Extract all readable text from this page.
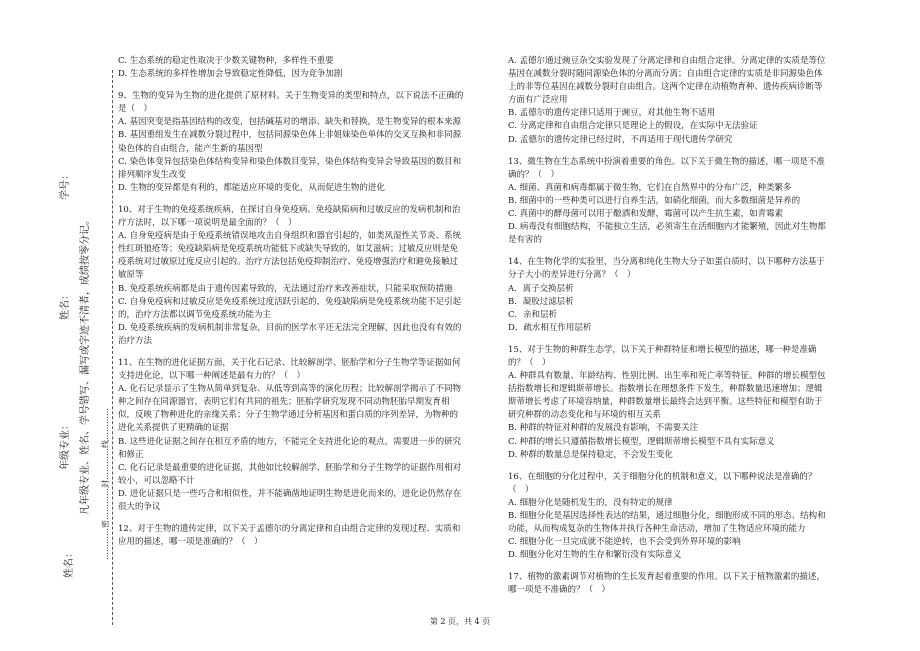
姓名：
年级专业：
姓名：
学号：
凡年级专业、姓名、学号错写、漏写或字迹不清者，成绩按零分记。 …………密…………封…………线…………

C. 生态系统的稳定性取决于少数关键物种，多样性不重要

D. 生态系统的多样性增加会导致稳定性降低，因为竞争加剧

9、生物的变异为生物的进化提供了原材料。关于生物变异的类型和特点，以下说法不正确的是（　）

A. 基因突变是指基因结构的改变，包括碱基对的增添、缺失和替换，是生物变异的根本来源

B. 基因重组发生在减数分裂过程中，包括同源染色体上非姐妹染色单体的交叉互换和非同源染色体的自由组合，能产生新的基因型

C. 染色体变异包括染色体结构变异和染色体数目变异，染色体结构变异会导致基因的数目和排列顺序发生改变

D. 生物的变异都是有利的，都能适应环境的变化，从而促进生物的进化

10、对于生物的免疫系统疾病，在探讨自身免疫病、免疫缺陷病和过敏反应的发病机制和治疗方法时，以下哪一项说明是最全面的？（　）

A. 自身免疫病是由于免疫系统错误地攻击自身组织和器官引起的，如类风湿性关节炎、系统性红斑狼疮等；免疫缺陷病是免疫系统功能低下或缺失导致的，如艾滋病；过敏反应则是免疫系统对过敏原过度反应引起的。治疗方法包括免疫抑制治疗、免疫增强治疗和避免接触过敏原等

B. 免疫系统疾病都是由于遗传因素导致的，无法通过治疗来改善症状，只能采取预防措施

C. 自身免疫病和过敏反应是免疫系统过度活跃引起的，免疫缺陷病是免疫系统功能不足引起的，治疗方法都以调节免疫系统功能为主

D. 免疫系统疾病的发病机制非常复杂，目前的医学水平还无法完全理解，因此也没有有效的治疗方法

11、在生物的进化证据方面，关于化石记录、比较解剖学、胚胎学和分子生物学等证据如何支持进化论，以下哪一种阐述是最有力的？（　）

A. 化石记录显示了生物从简单到复杂、从低等到高等的演化历程；比较解剖学揭示了不同物种之间存在同源器官，表明它们有共同的祖先；胚胎学研究发现不同动物胚胎早期发育相似，反映了物种进化的亲缘关系；分子生物学通过分析基因和蛋白质的序列差异，为物种的进化关系提供了更精确的证据

B. 这些进化证据之间存在相互矛盾的地方，不能完全支持进化论的观点，需要进一步的研究和修正

C. 化石记录是最重要的进化证据，其他如比较解剖学、胚胎学和分子生物学的证据作用相对较小，可以忽略不计

D. 进化证据只是一些巧合和相似性，并不能确凿地证明生物是进化而来的，进化论仍然存在很大的争议

12、对于生物的遗传定律，以下关于孟德尔的分离定律和自由组合定律的发现过程、实质和应用的描述，哪一项是准确的？（　）

A. 孟德尔通过豌豆杂交实验发现了分离定律和自由组合定律。分离定律的实质是等位基因在减数分裂时随同源染色体的分离而分离；自由组合定律的实质是非同源染色体上的非等位基因在减数分裂时自由组合。这两个定律在动植物育种、遗传疾病诊断等方面有广泛应用

B. 孟德尔的遗传定律只适用于豌豆，对其他生物不适用

C. 分离定律和自由组合定律只是理论上的假设，在实际中无法验证

D. 孟德尔的遗传定律已经过时，不再适用于现代遗传学研究

13、微生物在生态系统中扮演着重要的角色。以下关于微生物的描述，哪一项是不准确的？（　）

A. 细菌、真菌和病毒都属于微生物，它们在自然界中的分布广泛，种类繁多

B. 细菌中的一些种类可以进行自养生活，如硝化细菌，而大多数细菌是异养的

C. 真菌中的酵母菌可以用于酿酒和发酵，霉菌可以产生抗生素，如青霉素

D. 病毒没有细胞结构，不能独立生活，必须寄生在活细胞内才能繁殖，因此对生物都是有害的

14、在生物化学的实验里，当分离和纯化生物大分子如蛋白质时，以下哪种方法基于分子大小的差异进行分离？（　）

A．离子交换层析

B．凝胶过滤层析

C．亲和层析

D．疏水相互作用层析

15、对于生物的种群生态学，以下关于种群特征和增长模型的描述，哪一种是准确的？（　）

A. 种群具有数量、年龄结构、性别比例、出生率和死亡率等特征。种群的增长模型包括指数增长和逻辑斯蒂增长。指数增长在理想条件下发生，种群数量迅速增加；逻辑斯蒂增长考虑了环境容纳量，种群数量增长最终会达到平衡。这些特征和模型有助于研究种群的动态变化和与环境的相互关系

B. 种群的特征对种群的发展没有影响，不需要关注

C. 种群的增长只遵循指数增长模型，逻辑斯蒂增长模型不具有实际意义

D. 种群的数量总是保持稳定，不会发生变化

16、在细胞的分化过程中，关于细胞分化的机制和意义，以下哪种说法是准确的？（　）

A. 细胞分化是随机发生的，没有特定的规律

B. 细胞分化是基因选择性表达的结果，通过细胞分化，细胞形成不同的形态、结构和功能，从而构成复杂的生物体并执行各种生命活动，增加了生物适应环境的能力

C. 细胞分化一旦完成就不能逆转，也不会受到外界环境的影响

D. 细胞分化对生物的生存和繁衍没有实际意义

17、植物的激素调节对植物的生长发育起着重要的作用。以下关于植物激素的描述，哪一项是不准确的？（　）

第 2 页，共 4 页
